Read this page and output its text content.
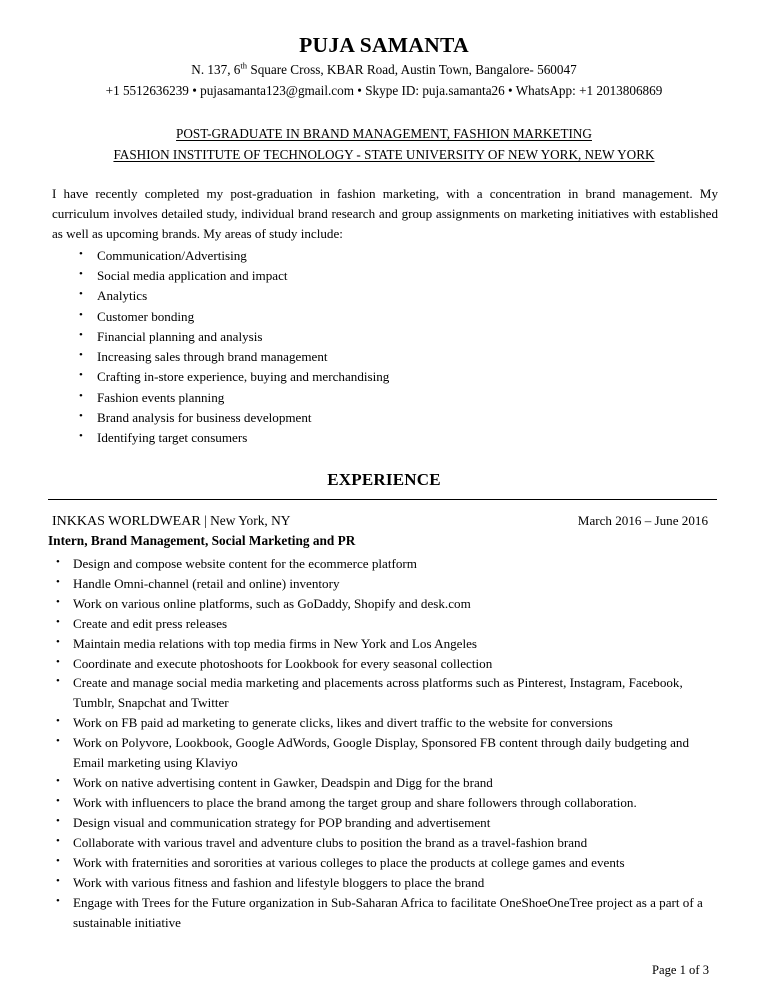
PUJA SAMANTA

N. 137, 6th Square Cross, KBAR Road, Austin Town, Bangalore- 560047

+1 5512636239 • pujasamanta123@gmail.com • Skype ID: puja.samanta26 • WhatsApp: +1 2013806869

POST-GRADUATE IN BRAND MANAGEMENT, FASHION MARKETING

FASHION INSTITUTE OF TECHNOLOGY - STATE UNIVERSITY OF NEW YORK, NEW YORK

I have recently completed my post-graduation in fashion marketing, with a concentration in brand management. My curriculum involves detailed study, individual brand research and group assignments on marketing initiatives with established as well as upcoming brands. My areas of study include:

• Communication/Advertising
• Social media application and impact
• Analytics
• Customer bonding
• Financial planning and analysis
• Increasing sales through brand management
• Crafting in-store experience, buying and merchandising
• Fashion events planning
• Brand analysis for business development
• Identifying target consumers
EXPERIENCE
INKKAS WORLDWEAR | New York, NY	March 2016 – June 2016
Intern, Brand Management, Social Marketing and PR
• Design and compose website content for the ecommerce platform
• Handle Omni-channel (retail and online) inventory
• Work on various online platforms, such as GoDaddy, Shopify and desk.com
• Create and edit press releases
• Maintain media relations with top media firms in New York and Los Angeles
• Coordinate and execute photoshoots for Lookbook for every seasonal collection
• Create and manage social media marketing and placements across platforms such as Pinterest, Instagram, Facebook, Tumblr, Snapchat and Twitter
• Work on FB paid ad marketing to generate clicks, likes and divert traffic to the website for conversions
• Work on Polyvore, Lookbook, Google AdWords, Google Display, Sponsored FB content through daily budgeting and Email marketing using Klaviyo
• Work on native advertising content in Gawker, Deadspin and Digg for the brand
• Work with influencers to place the brand among the target group and share followers through collaboration.
• Design visual and communication strategy for POP branding and advertisement
• Collaborate with various travel and adventure clubs to position the brand as a travel-fashion brand
• Work with fraternities and sororities at various colleges to place the products at college games and events
• Work with various fitness and fashion and lifestyle bloggers to place the brand
• Engage with Trees for the Future organization in Sub-Saharan Africa to facilitate OneShoeOneTree project as a part of a sustainable initiative
Page 1 of 3
